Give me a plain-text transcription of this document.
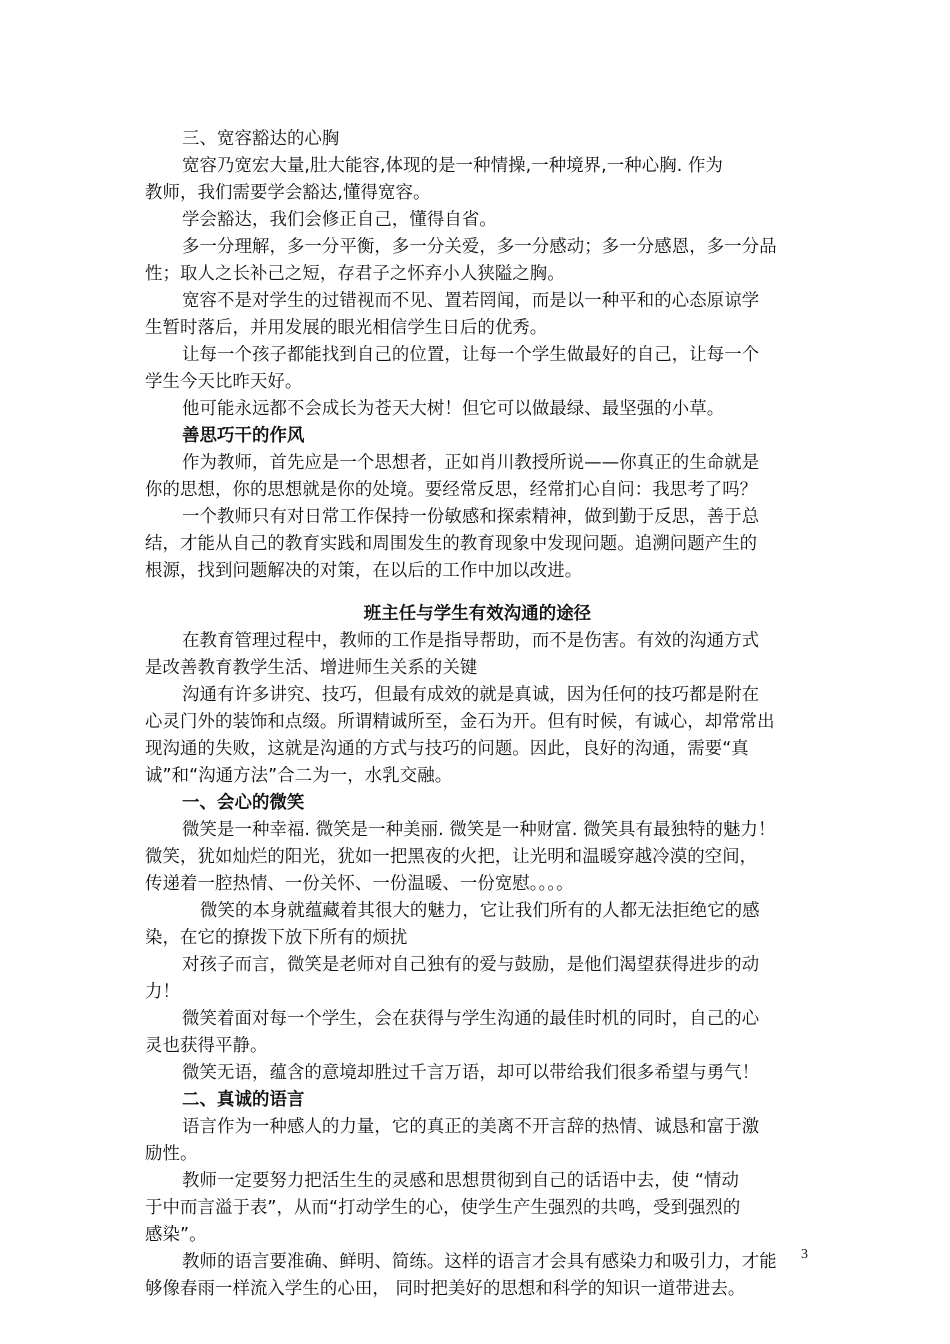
三、宽容豁达的心胸
宽容乃宽宏大量,肚大能容,体现的是一种情操,一种境界,一种心胸. 作为
教师，我们需要学会豁达,懂得宽容。
学会豁达，我们会修正自己，懂得自省。
多一分理解，多一分平衡，多一分关爱，多一分感动；多一分感恩，多一分品
性；取人之长补己之短，存君子之怀弃小人狭隘之胸。
宽容不是对学生的过错视而不见、置若罔闻，而是以一种平和的心态原谅学
生暂时落后，并用发展的眼光相信学生日后的优秀。
让每一个孩子都能找到自己的位置，让每一个学生做最好的自己，让每一个
学生今天比昨天好。
他可能永远都不会成长为苍天大树！但它可以做最绿、最坚强的小草。
善思巧干的作风
作为教师，首先应是一个思想者，正如肖川教授所说——你真正的生命就是
你的思想，你的思想就是你的处境。要经常反思，经常扪心自问：我思考了吗？
一个教师只有对日常工作保持一份敏感和探索精神，做到勤于反思，善于总
结，才能从自己的教育实践和周围发生的教育现象中发现问题。追溯问题产生的
根源，找到问题解决的对策，在以后的工作中加以改进。
班主任与学生有效沟通的途径
在教育管理过程中，教师的工作是指导帮助，而不是伤害。有效的沟通方式
是改善教育教学生活、增进师生关系的关键
沟通有许多讲究、技巧，但最有成效的就是真诚，因为任何的技巧都是附在
心灵门外的装饰和点缀。所谓精诚所至，金石为开。但有时候，有诚心，却常常出
现沟通的失败，这就是沟通的方式与技巧的问题。因此，良好的沟通，需要“真
诚”和“沟通方法”合二为一，水乳交融。
一、会心的微笑
微笑是一种幸福. 微笑是一种美丽. 微笑是一种财富. 微笑具有最独特的魅力！
微笑，犹如灿烂的阳光，犹如一把黑夜的火把，让光明和温暖穿越冷漠的空间，
传递着一腔热情、一份关怀、一份温暖、一份宽慰。。。。
微笑的本身就蕴藏着其很大的魅力，它让我们所有的人都无法拒绝它的感
染，在它的撩拨下放下所有的烦扰
对孩子而言，微笑是老师对自己独有的爱与鼓励，是他们渴望获得进步的动
力！
微笑着面对每一个学生，会在获得与学生沟通的最佳时机的同时，自己的心
灵也获得平静。
微笑无语，蕴含的意境却胜过千言万语，却可以带给我们很多希望与勇气！
二、真诚的语言
语言作为一种感人的力量，它的真正的美离不开言辞的热情、诚恳和富于激
励性。
教师一定要努力把活生生的灵感和思想贯彻到自己的话语中去，使 “情动
于中而言溢于表”，从而“打动学生的心，使学生产生强烈的共鸣，受到强烈的
感染”。
教师的语言要准确、鲜明、简练。这样的语言才会具有感染力和吸引力，才能
够像春雨一样流入学生的心田， 同时把美好的思想和科学的知识一道带进去。
3
